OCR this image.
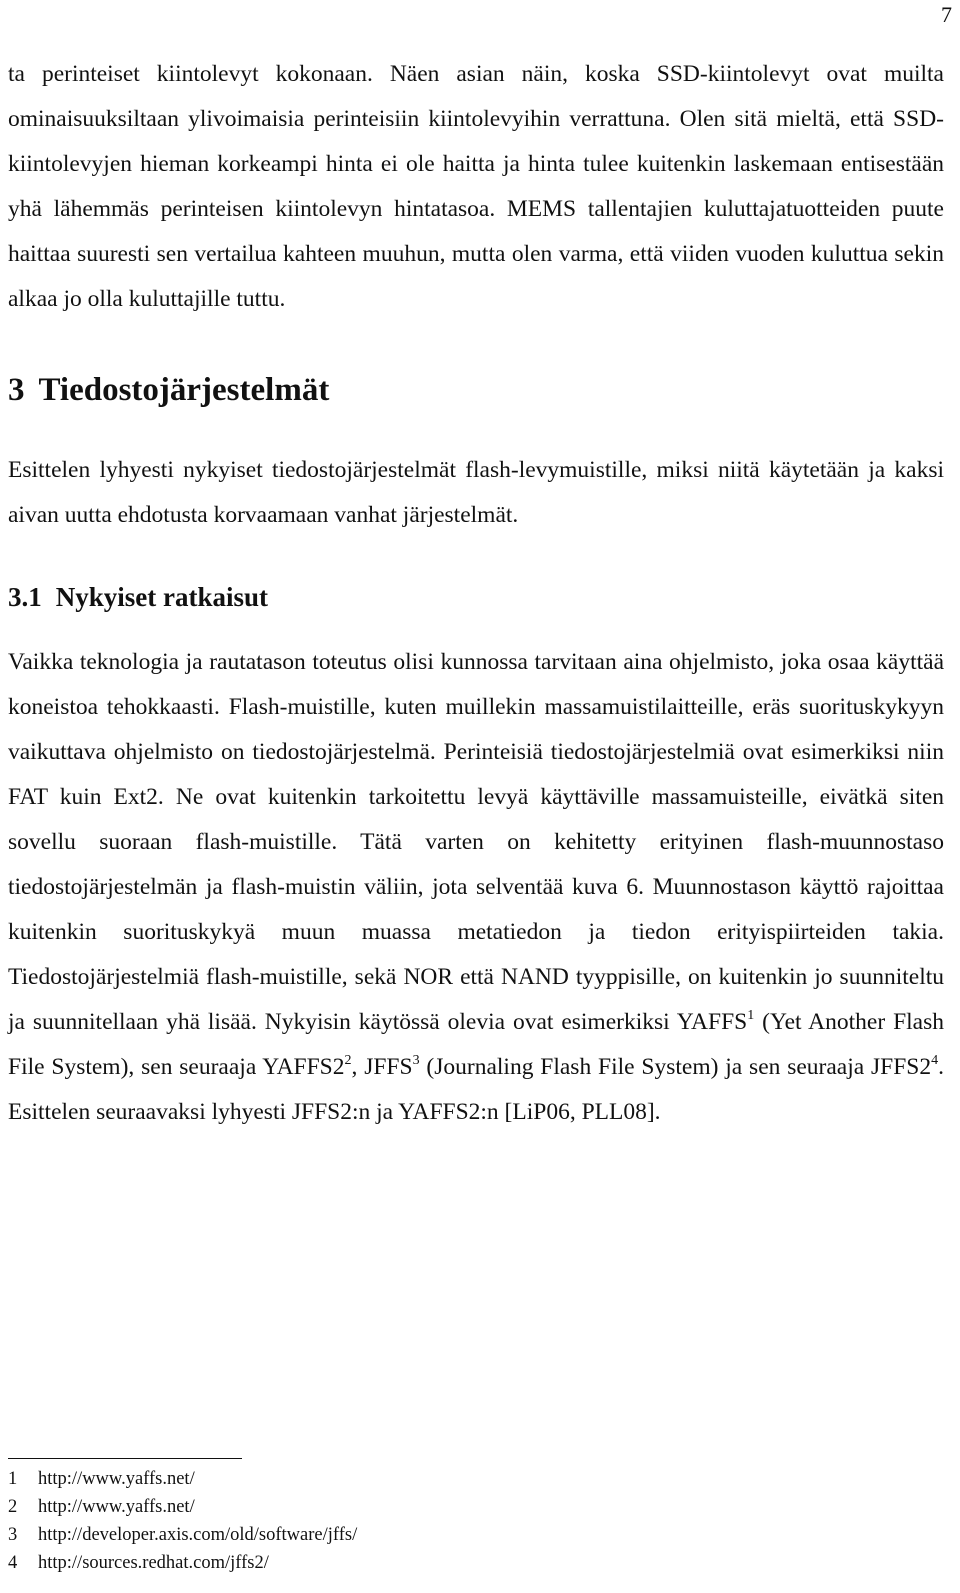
7

ta perinteiset kiintolevyt kokonaan. Näen asian näin, koska SSD-kiintolevyt ovat muilta ominaisuuksiltaan ylivoimaisia perinteisiin kiintolevyihin verrattuna. Olen sitä mieltä, että SSD-kiintolevyjen hieman korkeampi hinta ei ole haitta ja hinta tulee kuitenkin laskemaan entisestään yhä lähemmäs perinteisen kiintolevyn hintatasoa. MEMS tallentajien kuluttajatuotteiden puute haittaa suuresti sen vertailua kahteen muuhun, mutta olen varma, että viiden vuoden kuluttua sekin alkaa jo olla kuluttajille tuttu.

3 Tiedostojärjestelmät

Esittelen lyhyesti nykyiset tiedostojärjestelmät flash-levymuistille, miksi niitä käytetään ja kaksi aivan uutta ehdotusta korvaamaan vanhat järjestelmät.

3.1 Nykyiset ratkaisut

Vaikka teknologia ja rautatason toteutus olisi kunnossa tarvitaan aina ohjelmisto, joka osaa käyttää koneistoa tehokkaasti. Flash-muistille, kuten muillekin massamuistilaitteille, eräs suorituskykyyn vaikuttava ohjelmisto on tiedostojärjestelmä. Perinteisiä tiedostojärjestelmiä ovat esimerkiksi niin FAT kuin Ext2. Ne ovat kuitenkin tarkoitettu levyä käyttäville massamuisteille, eivätkä siten sovellu suoraan flash-muistille. Tätä varten on kehitetty erityinen flash-muunnostaso tiedostojärjestelmän ja flash-muistin väliin, jota selventää kuva 6. Muunnostason käyttö rajoittaa kuitenkin suorituskykyä muun muassa metatiedon ja tiedon erityispiirteiden takia. Tiedostojärjestelmiä flash-muistille, sekä NOR että NAND tyyppisille, on kuitenkin jo suunniteltu ja suunnitellaan yhä lisää. Nykyisin käytössä olevia ovat esimerkiksi YAFFS$^1$ (Yet Another Flash File System), sen seuraaja $YAFFS2^2$, JFFS$^3$ (Journaling Flash File System) ja sen seuraaja $JFFS2^4$. Esittelen seuraavaksi lyhyesti JFFS2:n ja YAFFS2:n [LiP06, PLL08].

1 http://www.yaffs.net/
2 http://www.yaffs.net/
3 http://developer.axis.com/old/software/jffs/
4 http://sources.redhat.com/jffs2/
